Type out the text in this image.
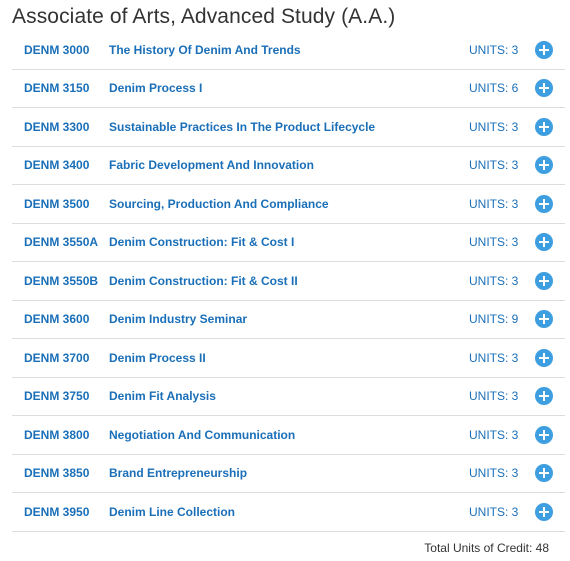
Associate of Arts, Advanced Study (A.A.)
DENM 3000	The History Of Denim And Trends	UNITS: 3
DENM 3150	Denim Process I	UNITS: 6
DENM 3300	Sustainable Practices In The Product Lifecycle	UNITS: 3
DENM 3400	Fabric Development And Innovation	UNITS: 3
DENM 3500	Sourcing, Production And Compliance	UNITS: 3
DENM 3550A Denim Construction: Fit & Cost I	UNITS: 3
DENM 3550B Denim Construction: Fit & Cost II	UNITS: 3
DENM 3600	Denim Industry Seminar	UNITS: 9
DENM 3700	Denim Process II	UNITS: 3
DENM 3750	Denim Fit Analysis	UNITS: 3
DENM 3800	Negotiation And Communication	UNITS: 3
DENM 3850	Brand Entrepreneurship	UNITS: 3
DENM 3950	Denim Line Collection	UNITS: 3
Total Units of Credit: 48
